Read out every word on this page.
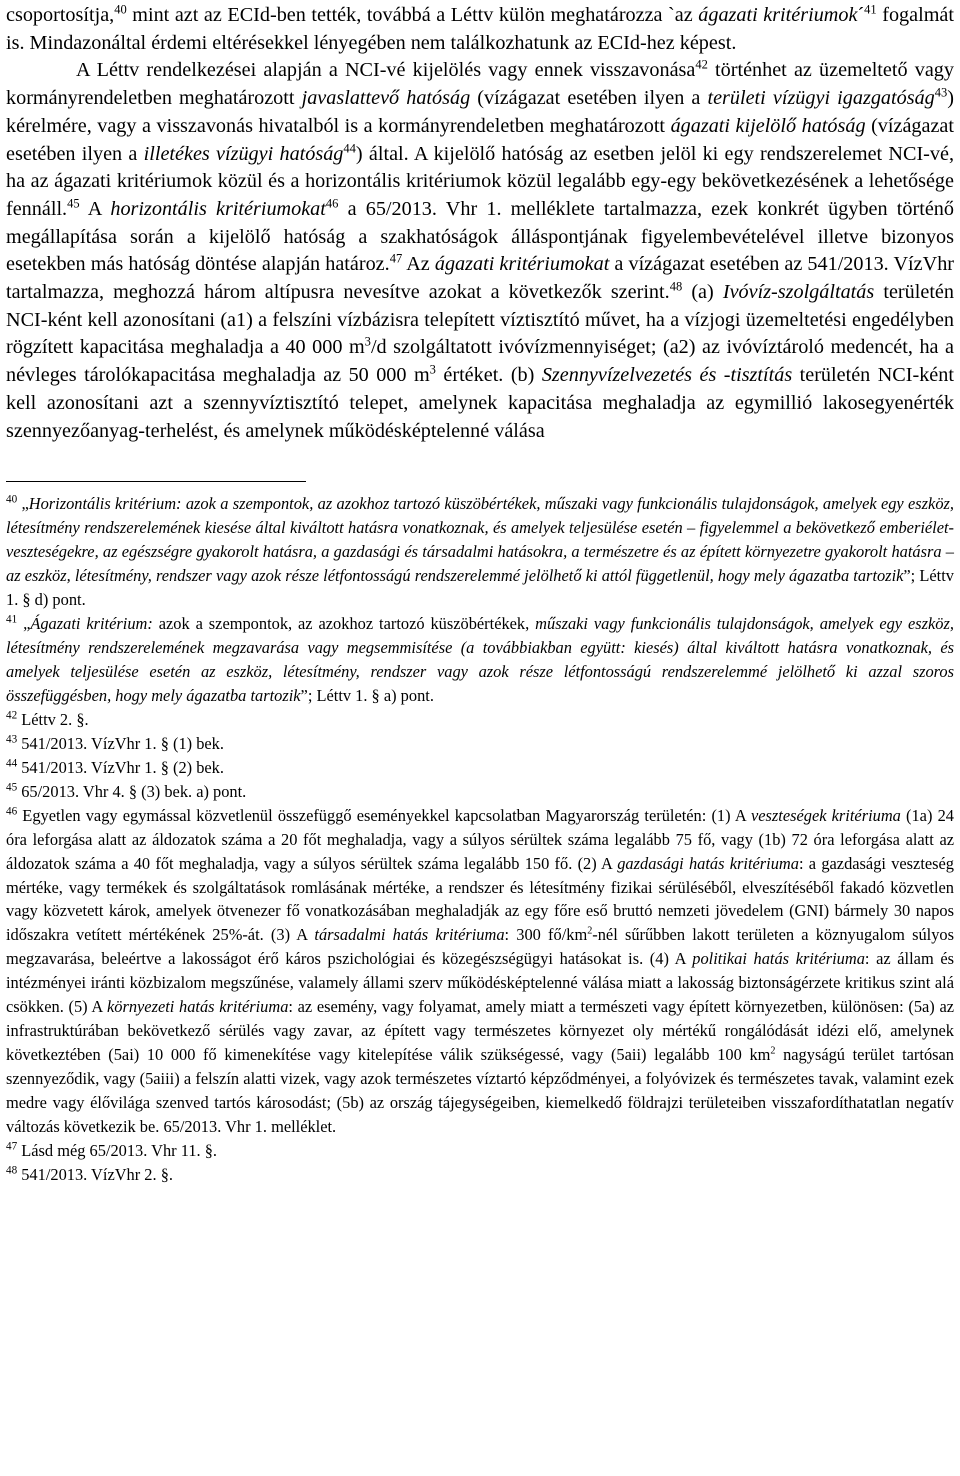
csoportosítja,$^{40}$ mint azt az ECId-ben tették, továbbá a Léttv külön meghatározza `az ágazati kritériumok´$^{41}$ fogalmát is. Mindazonáltal érdemi eltérésekkel lényegében nem találkozhatunk az ECId-hez képest.

A Léttv rendelkezései alapján a NCI-vé kijelölés vagy ennek visszavonása$^{42}$ történhet az üzemeltető vagy kormányrendeletben meghatározott javaslattevő hatóság (vízágazat esetében ilyen a területi vízügyi igazgatóság$^{43}$) kérelmére, vagy a visszavonás hivatalból is a kormányrendeletben meghatározott ágazati kijelölő hatóság (vízágazat esetében ilyen a illetékes vízügyi hatóság$^{44}$) által. A kijelölő hatóság az esetben jelöl ki egy rendszerelemet NCI-vé, ha az ágazati kritériumok közül és a horizontális kritériumok közül legalább egy-egy bekövetkezésének a lehetősége fennáll.$^{45}$ A horizontális kritériumokat$^{46}$ a 65/2013. Vhr 1. melléklete tartalmazza, ezek konkrét ügyben történő megállapítása során a kijelölő hatóság a szakhatóságok álláspontjának figyelembevételével illetve bizonyos esetekben más hatóság döntése alapján határoz.$^{47}$ Az ágazati kritériumokat a vízágazat esetében az 541/2013. VízVhr tartalmazza, meghozzá három altípusra nevesítve azokat a következők szerint.$^{48}$ (a) Ivóvíz-szolgáltatás területén NCI-ként kell azonosítani (a1) a felszíni vízbázisra telepített víztisztító művet, ha a vízjogi üzemeltetési engedélyben rögzített kapacitása meghaladja a 40 000 $m^3/d$ szolgáltatott ivóvízmennyiséget; (a2) az ivóvíztároló medencét, ha a névleges tárolókapacitása meghaladja az 50 000 $m^3$ értéket. (b) Szennyvízelvezetés és -tisztítás területén NCI-ként kell azonosítani azt a szennyvíztisztító telepet, amelynek kapacitása meghaladja az egymillió lakosegyenérték szennyezőanyag-terhelést, és amelynek működésképtelenné válása

$^{40}$ „Horizontális kritérium: azok a szempontok, az azokhoz tartozó küszöbértékek, műszaki vagy funkcionális tulajdonságok, amelyek egy eszköz, létesítmény rendszerelemének kiesése által kiváltott hatásra vonatkoznak, és amelyek teljesülése esetén – figyelemmel a bekövetkező emberiélet-veszteségekre, az egészségre gyakorolt hatásra, a gazdasági és társadalmi hatásokra, a természetre és az épített környezetre gyakorolt hatásra – az eszköz, létesítmény, rendszer vagy azok része létfontosságú rendszerelemmé jelölhető ki attól függetlenül, hogy mely ágazatba tartozik”; Léttv 1. § d) pont.

$^{41}$ „Ágazati kritérium: azok a szempontok, az azokhoz tartozó küszöbértékek, műszaki vagy funkcionális tulajdonságok, amelyek egy eszköz, létesítmény rendszerelemének megzavarása vagy megsemmisítése (a továbbiakban együtt: kiesés) által kiváltott hatásra vonatkoznak, és amelyek teljesülése esetén az eszköz, létesítmény, rendszer vagy azok része létfontosságú rendszerelemmé jelölhető ki azzal szoros összefüggésben, hogy mely ágazatba tartozik”; Léttv 1. § a) pont.

$^{42}$ Léttv 2. §.

$^{43}$ 541/2013. VízVhr 1. § (1) bek.

$^{44}$ 541/2013. VízVhr 1. § (2) bek.

$^{45}$ 65/2013. Vhr 4. § (3) bek. a) pont.

$^{46}$ Egyetlen vagy egymással közvetlenül összefüggő eseményekkel kapcsolatban Magyarország területén: (1) A veszteségek kritériuma (1a) 24 óra leforgása alatt az áldozatok száma a 20 főt meghaladja, vagy a súlyos sérültek száma legalább 75 fő, vagy (1b) 72 óra leforgása alatt az áldozatok száma a 40 főt meghaladja, vagy a súlyos sérültek száma legalább 150 fő. (2) A gazdasági hatás kritériuma: a gazdasági veszteség mértéke, vagy termékek és szolgáltatások romlásának mértéke, a rendszer és létesítmény fizikai sérüléséből, elveszítéséből fakadó közvetlen vagy közvetett károk, amelyek ötvenezer fő vonatkozásában meghaladják az egy főre eső bruttó nemzeti jövedelem (GNI) bármely 30 napos időszakra vetített mértékének 25%-át. (3) A társadalmi hatás kritériuma: 300 $fő/km^2$-nél sűrűbben lakott területen a köznyugalom súlyos megzavarása, beleértve a lakosságot érő káros pszichológiai és közegészségügyi hatásokat is. (4) A politikai hatás kritériuma: az állam és intézményei iránti közbizalom megszűnése, valamely állami szerv működésképtelenné válása miatt a lakosság biztonságérzete kritikus szint alá csökken. (5) A környezeti hatás kritériuma: az esemény, vagy folyamat, amely miatt a természeti vagy épített környezetben, különösen: (5a) az infrastruktúrában bekövetkező sérülés vagy zavar, az épített vagy természetes környezet oly mértékű rongálódását idézi elő, amelynek következtében (5ai) 10 000 fő kimenekítése vagy kitelepítése válik szükségessé, vagy (5aii) legalább 100 $km^2$ nagyságú terület tartósan szennyeződik, vagy (5aiii) a felszín alatti vizek, vagy azok természetes víztartó képződményei, a folyóvizek és természetes tavak, valamint ezek medre vagy élővilága szenved tartós károsodást; (5b) az ország tájegységeiben, kiemelkedő földrajzi területeiben visszafordíthatatlan negatív változás következik be. 65/2013. Vhr 1. melléklet.

$^{47}$ Lásd még 65/2013. Vhr 11. §.

$^{48}$ 541/2013. VízVhr 2. §.
